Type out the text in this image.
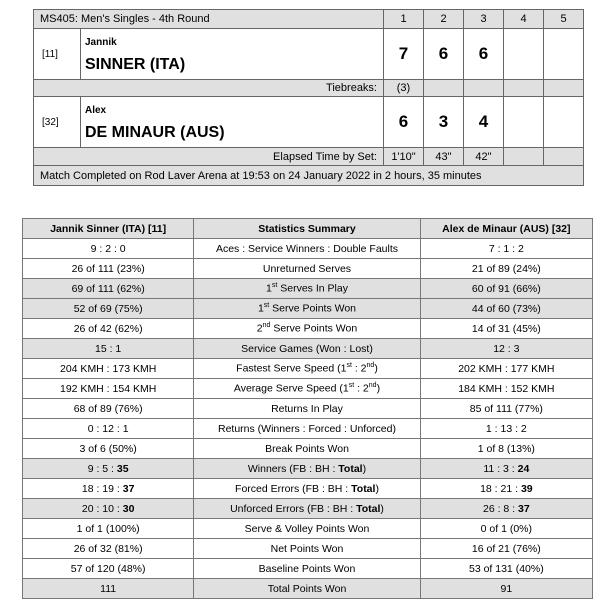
MS405: Men's Singles - 4th Round		1	2	3	4	5
[11]	Jannik
SINNER (ITA)	7	6	6		
Tiebreaks:		(3)				
[32]	Alex
DE MINAUR (AUS)	6	3	4		
Elapsed Time by Set:		1'10"	43"	42"		
Match Completed on Rod Laver Arena at 19:53 on 24 January 2022 in 2 hours, 35 minutes						
Jannik Sinner (ITA) [11]	Statistics Summary	Alex de Minaur (AUS) [32]
9 : 2 : 0	Aces : Service Winners : Double Faults	7 : 1 : 2
26 of 111 (23%)	Unreturned Serves	21 of 89 (24%)
69 of 111 (62%)	1st Serves In Play	60 of 91 (66%)
52 of 69 (75%)	1st Serve Points Won	44 of 60 (73%)
26 of 42 (62%)	2nd Serve Points Won	14 of 31 (45%)
15 : 1	Service Games (Won : Lost)	12 : 3
204 KMH : 173 KMH	Fastest Serve Speed (1st : 2nd)	202 KMH : 177 KMH
192 KMH : 154 KMH	Average Serve Speed (1st : 2nd)	184 KMH : 152 KMH
68 of 89 (76%)	Returns In Play	85 of 111 (77%)
0 : 12 : 1	Returns (Winners : Forced : Unforced)	1 : 13 : 2
3 of 6 (50%)	Break Points Won	1 of 8 (13%)
9 : 5 : 35	Winners (FB : BH : Total)	11 : 3 : 24
18 : 19 : 37	Forced Errors (FB : BH : Total)	18 : 21 : 39
20 : 10 : 30	Unforced Errors (FB : BH : Total)	26 : 8 : 37
1 of 1 (100%)	Serve & Volley Points Won	0 of 1 (0%)
26 of 32 (81%)	Net Points Won	16 of 21 (76%)
57 of 120 (48%)	Baseline Points Won	53 of 131 (40%)
111	Total Points Won	91
